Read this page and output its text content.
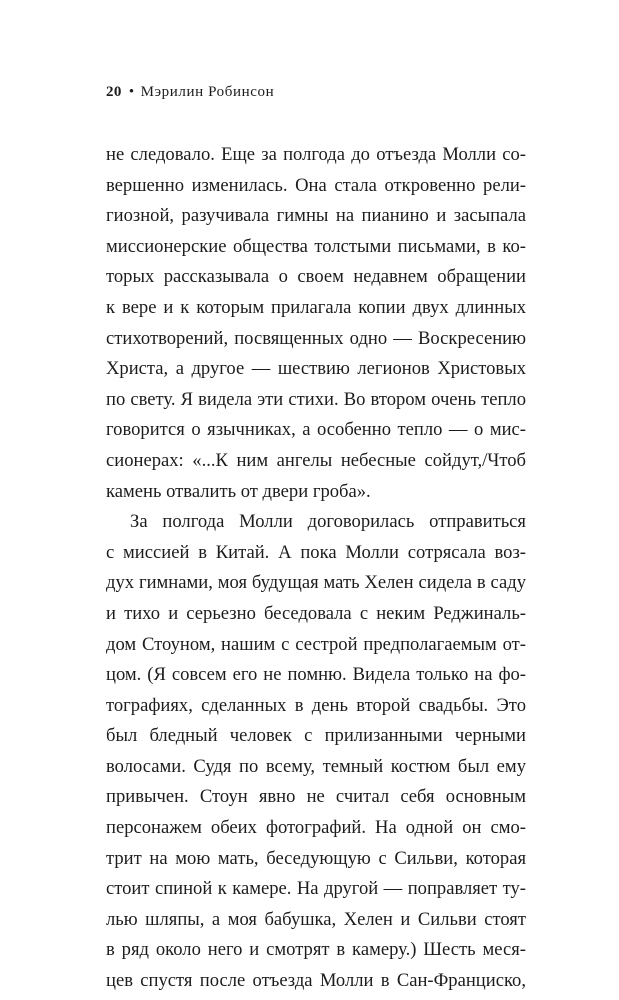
20 • Мэрилин Робинсон
не следовало. Еще за полгода до отъезда Молли со-
вершенно изменилась. Она стала откровенно рели-
гиозной, разучивала гимны на пианино и засыпала
миссионерские общества толстыми письмами, в ко-
торых рассказывала о своем недавнем обращении
к вере и к которым прилагала копии двух длинных
стихотворений, посвященных одно — Воскресению
Христа, а другое — шествию легионов Христовых
по свету. Я видела эти стихи. Во втором очень тепло
говорится о язычниках, а особенно тепло — о мис-
сионерах: «...К ним ангелы небесные сойдут,/Чтоб
камень отвалить от двери гроба».
За полгода Молли договорилась отправиться
с миссией в Китай. А пока Молли сотрясала воз-
дух гимнами, моя будущая мать Хелен сидела в саду
и тихо и серьезно беседовала с неким Реджиналь-
дом Стоуном, нашим с сестрой предполагаемым от-
цом. (Я совсем его не помню. Видела только на фо-
тографиях, сделанных в день второй свадьбы. Это
был бледный человек с прилизанными черными
волосами. Судя по всему, темный костюм был ему
привычен. Стоун явно не считал себя основным
персонажем обеих фотографий. На одной он смо-
трит на мою мать, беседующую с Сильви, которая
стоит спиной к камере. На другой — поправляет ту-
лью шляпы, а моя бабушка, Хелен и Сильви стоят
в ряд около него и смотрят в камеру.) Шесть меся-
цев спустя после отъезда Молли в Сан-Франциско,
